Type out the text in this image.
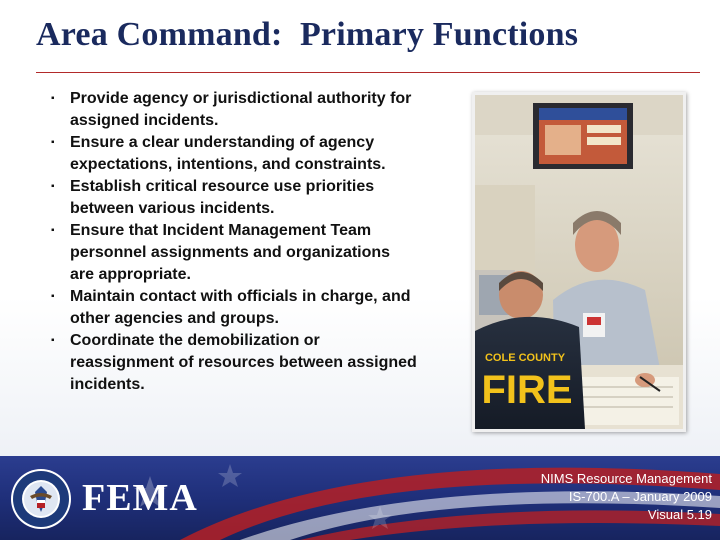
Area Command:  Primary Functions
▪ Provide agency or jurisdictional authority for
assigned incidents.
▪ Ensure a clear understanding of agency
expectations, intentions, and constraints.
▪ Establish critical resource use priorities
between various incidents.
▪ Ensure that Incident Management Team
personnel assignments and organizations
are appropriate.
▪ Maintain contact with officials in charge, and
other agencies and groups.
▪ Coordinate the demobilization or
reassignment of resources between assigned
incidents.
COLE COUNTY
FIRE
FEMA	NIMS Resource Management
IS-700.A – January 2009
Visual 5.19
